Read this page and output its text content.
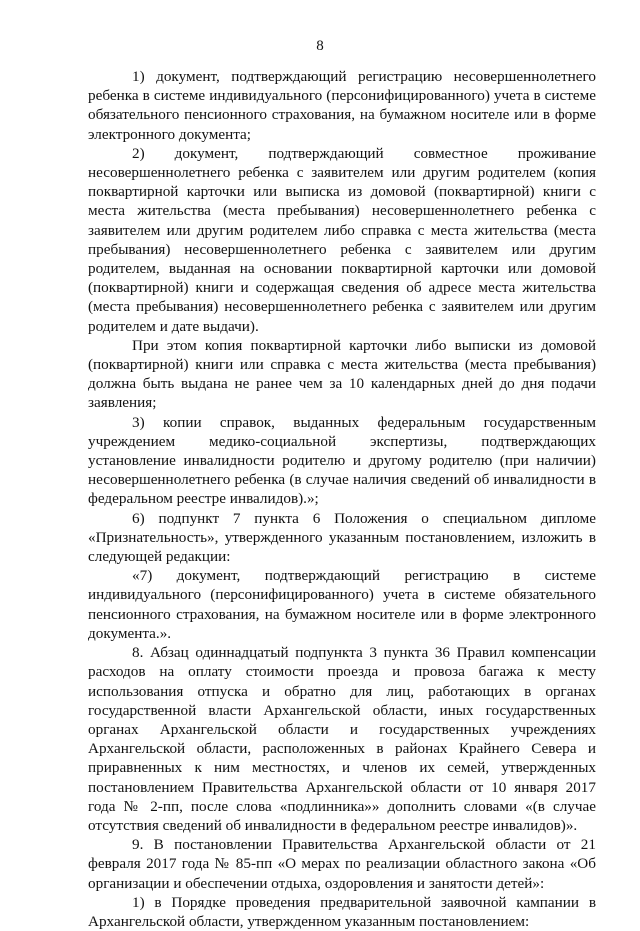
8

1) документ, подтверждающий регистрацию несовершеннолетнего ребенка в системе индивидуального (персонифицированного) учета в системе обязательного пенсионного страхования, на бумажном носителе или в форме электронного документа;

2) документ, подтверждающий совместное проживание несовершеннолетнего ребенка с заявителем или другим родителем (копия поквартирной карточки или выписка из домовой (поквартирной) книги с места жительства (места пребывания) несовершеннолетнего ребенка с заявителем или другим родителем либо справка с места жительства (места пребывания) несовершеннолетнего ребенка с заявителем или другим родителем, выданная на основании поквартирной карточки или домовой (поквартирной) книги и содержащая сведения об адресе места жительства (места пребывания) несовершеннолетнего ребенка с заявителем или другим родителем и дате выдачи).

При этом копия поквартирной карточки либо выписки из домовой (поквартирной) книги или справка с места жительства (места пребывания) должна быть выдана не ранее чем за 10 календарных дней до дня подачи заявления;

3) копии справок, выданных федеральным государственным учреждением медико-социальной экспертизы, подтверждающих установление инвалидности родителю и другому родителю (при наличии) несовершеннолетнего ребенка (в случае наличия сведений об инвалидности в федеральном реестре инвалидов).»;

6) подпункт 7 пункта 6 Положения о специальном дипломе «Признательность», утвержденного указанным постановлением, изложить в следующей редакции:

«7) документ, подтверждающий регистрацию в системе индивидуального (персонифицированного) учета в системе обязательного пенсионного страхования, на бумажном носителе или в форме электронного документа.».

8. Абзац одиннадцатый подпункта 3 пункта 36 Правил компенсации расходов на оплату стоимости проезда и провоза багажа к месту использования отпуска и обратно для лиц, работающих в органах государственной власти Архангельской области, иных государственных органах Архангельской области и государственных учреждениях Архангельской области, расположенных в районах Крайнего Севера и приравненных к ним местностях, и членов их семей, утвержденных постановлением Правительства Архангельской области от 10 января 2017 года № 2-пп, после слова «подлинника»» дополнить словами «(в случае отсутствия сведений об инвалидности в федеральном реестре инвалидов)».

9. В постановлении Правительства Архангельской области от 21 февраля 2017 года № 85-пп «О мерах по реализации областного закона «Об организации и обеспечении отдыха, оздоровления и занятости детей»:

1) в Порядке проведения предварительной заявочной кампании в Архангельской области, утвержденном указанным постановлением:
